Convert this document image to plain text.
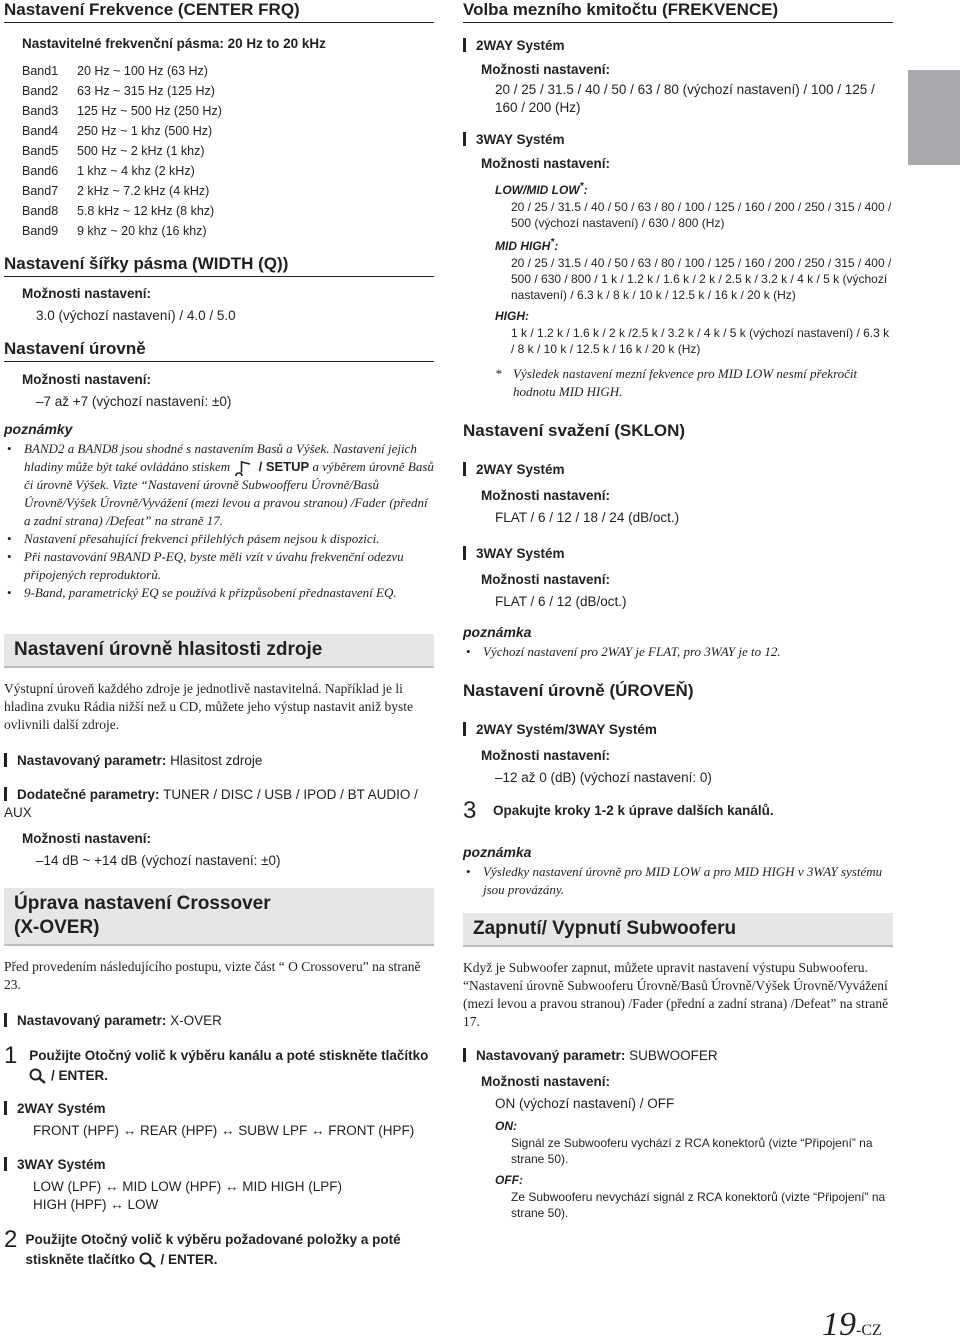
Nastavení Frekvence (CENTER FRQ)
Nastavitelné frekvenční pásma: 20 Hz to 20 kHz
Band1	20 Hz ~ 100 Hz (63 Hz)
Band2	63 Hz ~ 315 Hz (125 Hz)
Band3	125 Hz ~ 500 Hz (250 Hz)
Band4	250 Hz ~ 1 khz (500 Hz)
Band5	500 Hz ~ 2 kHz (1 khz)
Band6	1 khz ~ 4 khz (2 kHz)
Band7	2 kHz ~ 7.2 kHz (4 kHz)
Band8	5.8 kHz ~ 12 kHz (8 khz)
Band9	9 khz ~ 20 khz (16 khz)
Nastavení šířky pásma (WIDTH (Q))
Možnosti nastavení:
3.0 (výchozí nastavení) / 4.0 / 5.0
Nastavení úrovně
Možnosti nastavení:
–7 až +7 (výchozí nastavení: ±0)
poznámky
• BAND2 a BAND8 jsou shodné s nastavením Basů a Výšek. Nastavení jejich hladiny může být také ovládáno stiskem / SETUP a výběrem úrovně Basů či úrovně Výšek. Vizte “Nastavení úrovně Subwoofferu Úrovně/Basů Úrovně/Výšek Úrovně/Vyvážení (mezi levou a pravou stranou) /Fader (přední a zadní strana) /Defeat” na straně 17.
• Nastavení přesahující frekvenci přilehlých pásem nejsou k dispozici.
• Při nastavování 9BAND P-EQ, byste měli vzít v úvahu frekvenční odezvu připojených reproduktorů.
• 9-Band, parametrický EQ se používá k přizpůsobení přednastavení EQ.
Nastavení úrovně hlasitosti zdroje
Výstupní úroveň každého zdroje je jednotlivě nastavitelná. Například je li hladina zvuku Rádia nižší než u CD, můžete jeho výstup nastavit aniž byste ovlivnili další zdroje.
Nastavovaný parametr: Hlasitost zdroje
Dodatečné parametry: TUNER / DISC / USB / IPOD / BT AUDIO / AUX
Možnosti nastavení:
–14 dB ~ +14 dB (výchozí nastavení: ±0)
Úprava nastavení Crossover
(X-OVER)
Před provedením následujícího postupu, vizte část “ O Crossoveru” na straně 23.
Nastavovaný parametr: X-OVER
1 Použijte Otočný volič k výběru kanálu a poté stiskněte tlačítko  / ENTER.
2WAY Systém
FRONT (HPF) ↔ REAR (HPF) ↔ SUBW LPF ↔ FRONT (HPF)
3WAY Systém
LOW (LPF) ↔ MID LOW (HPF) ↔ MID HIGH (LPF) HIGH (HPF) ↔ LOW
2 Použijte Otočný volič k výběru požadované položky a poté stiskněte tlačítko / ENTER.
Volba mezního kmitočtu (FREKVENCE)
2WAY Systém
Možnosti nastavení:
20 / 25 / 31.5 / 40 / 50 / 63 / 80 (výchozí nastavení) / 100 / 125 / 160 / 200 (Hz)
3WAY Systém
Možnosti nastavení:
LOW/MID LOW*:
20 / 25 / 31.5 / 40 / 50 / 63 / 80 / 100 / 125 / 160 / 200 / 250 / 315 / 400 / 500 (výchozí nastavení) / 630 / 800 (Hz)
MID HIGH*:
20 / 25 / 31.5 / 40 / 50 / 63 / 80 / 100 / 125 / 160 / 200 / 250 / 315 / 400 / 500 / 630 / 800 / 1 k / 1.2 k / 1.6 k / 2 k / 2.5 k / 3.2 k / 4 k / 5 k (výchozí nastavení) / 6.3 k / 8 k / 10 k / 12.5 k / 16 k / 20 k (Hz)
HIGH:
1 k / 1.2 k / 1.6 k / 2 k /2.5 k / 3.2 k / 4 k / 5 k (výchozí nastavení) / 6.3 k / 8 k / 10 k / 12.5 k / 16 k / 20 k (Hz)
* Výsledek nastavení mezní fekvence pro MID LOW nesmí překročit hodnotu MID HIGH.
Nastavení svažení (SKLON)
2WAY Systém
Možnosti nastavení:
FLAT / 6 / 12 / 18 / 24 (dB/oct.)
3WAY Systém
Možnosti nastavení:
FLAT / 6 / 12 (dB/oct.)
poznámka
• Výchozí nastavení pro 2WAY je FLAT, pro 3WAY je to 12.
Nastavení úrovně (ÚROVEŇ)
2WAY Systém/3WAY Systém
Možnosti nastavení:
–12 až 0 (dB) (výchozí nastavení: 0)
3	Opakujte kroky 1-2 k úprave dalších kanálů.
poznámka
• Výsledky nastavení úrovně pro MID LOW a pro MID HIGH v 3WAY systému jsou provázány.
Zapnutí/ Vypnutí Subwooferu
Když je Subwoofer zapnut, můžete upravit nastavení výstupu Subwooferu. “Nastavení úrovně Subwooferu Úrovně/Basů Úrovně/Výšek Úrovně/Vyvážení (mezi levou a pravou stranou) /Fader (přední a zadní strana) /Defeat” na straně 17.
Nastavovaný parametr: SUBWOOFER
Možnosti nastavení:
ON (výchozí nastavení) / OFF
ON:
Signál ze Subwooferu vychází z RCA konektorů (vizte “Připojení” na strane 50).
OFF:
Ze Subwooferu nevychází signál z RCA konektorů (vizte “Připojení” na strane 50).
19-CZ
